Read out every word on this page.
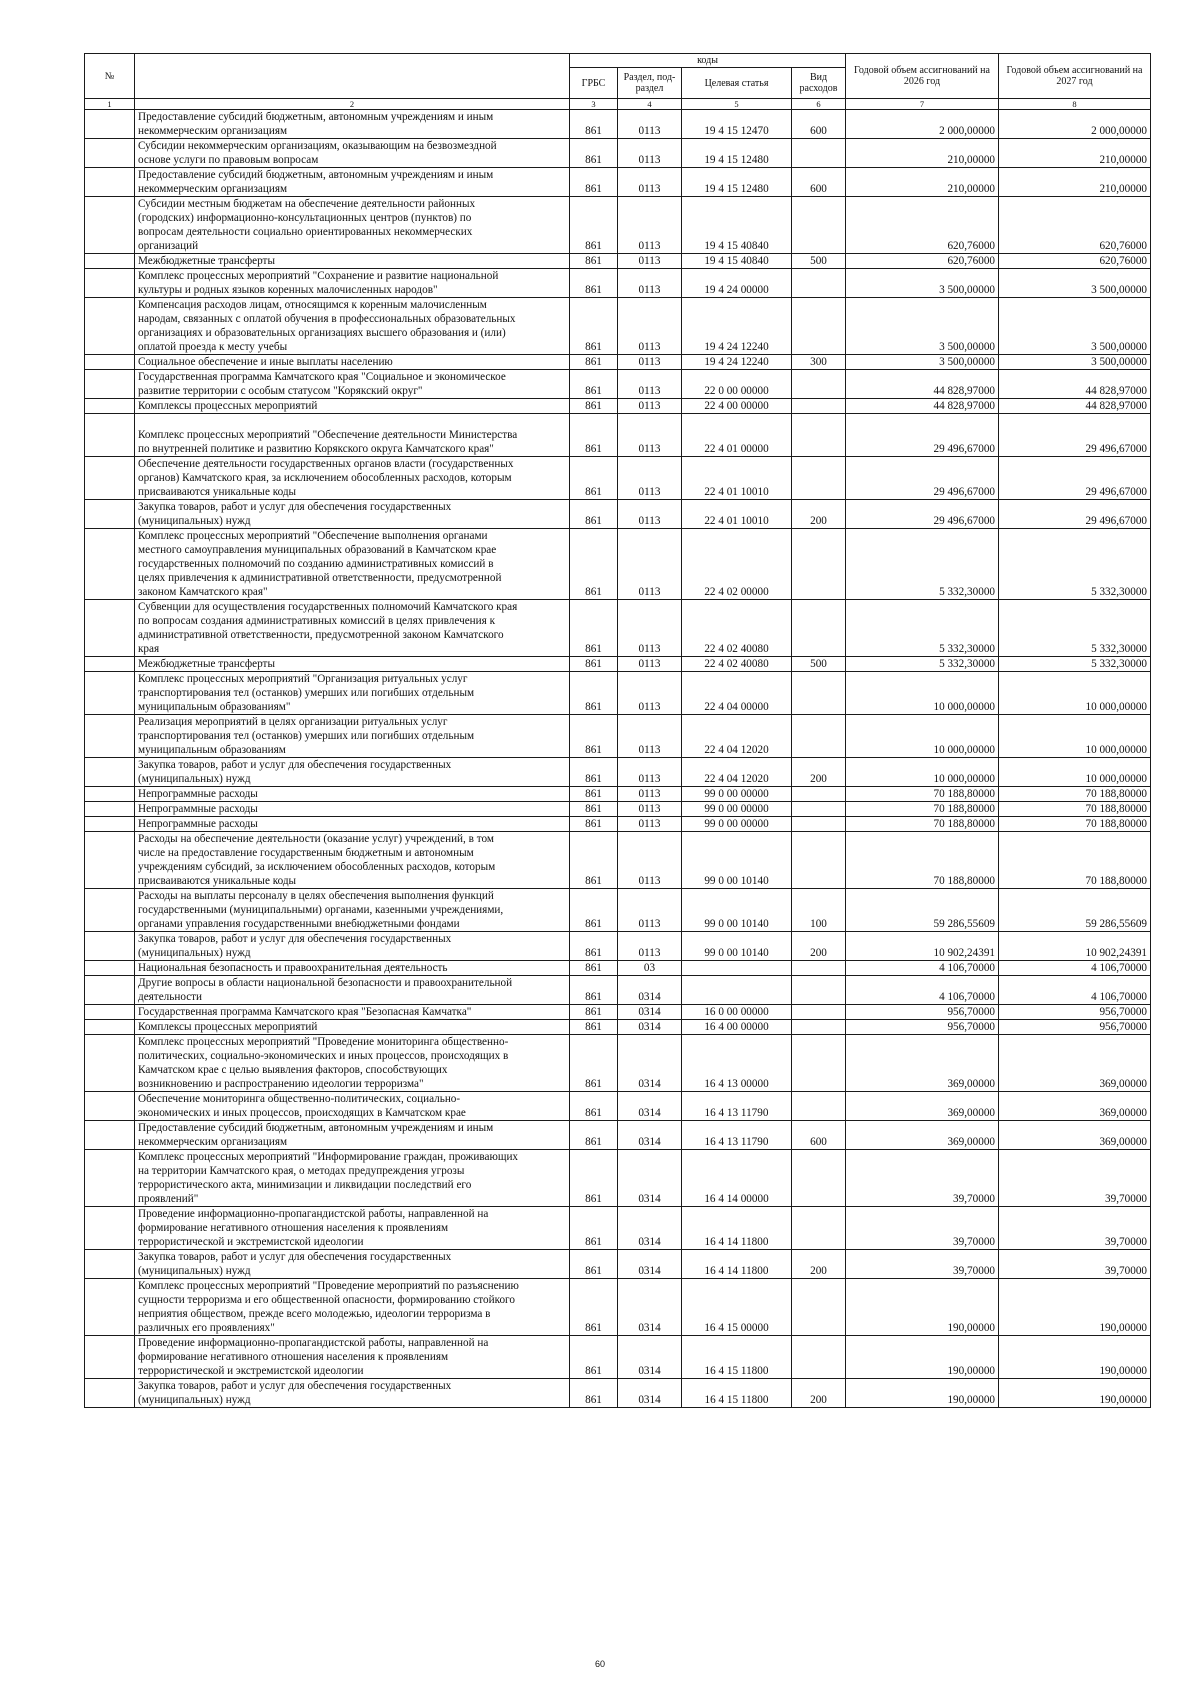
№		коды				Годовой объем ассигнований на 2026 год	Годовой объем ассигнований на 2027 год
		ГРБС	Раздел, под-раздел	Целевая статья	Вид расходов		
1	2	3	4	5	6	7	8
	Предоставление субсидий бюджетным, автономным учреждениям и иным
некоммерческим организациям	861	0113	19 4 15 12470	600	2 000,00000	2 000,00000
	Субсидии некоммерческим организациям, оказывающим на безвозмездной
основе услуги по правовым вопросам	861	0113	19 4 15 12480		210,00000	210,00000
	Предоставление субсидий бюджетным, автономным учреждениям и иным
некоммерческим организациям	861	0113	19 4 15 12480	600	210,00000	210,00000
	Субсидии местным бюджетам на обеспечение деятельности районных
(городских) информационно-консультационных центров (пунктов) по
вопросам деятельности социально ориентированных некоммерческих
организаций	861	0113	19 4 15 40840		620,76000	620,76000
	Межбюджетные трансферты	861	0113	19 4 15 40840	500	620,76000	620,76000
	Комплекс процессных мероприятий "Сохранение и развитие национальной
культуры и родных языков коренных малочисленных народов"	861	0113	19 4 24 00000		3 500,00000	3 500,00000
	Компенсация расходов лицам, относящимся к коренным малочисленным
народам, связанных с оплатой обучения в профессиональных образовательных
организациях и образовательных организациях высшего образования и (или)
оплатой проезда к месту учебы	861	0113	19 4 24 12240		3 500,00000	3 500,00000
	Социальное обеспечение и иные выплаты населению	861	0113	19 4 24 12240	300	3 500,00000	3 500,00000
	Государственная программа Камчатского края "Социальное и экономическое
развитие территории с особым статусом "Корякский округ"	861	0113	22 0 00 00000		44 828,97000	44 828,97000
	Комплексы процессных мероприятий	861	0113	22 4 00 00000		44 828,97000	44 828,97000

Комплекс процессных мероприятий "Обеспечение деятельности Министерства
по внутренней политике и развитию Корякского округа Камчатского края"	861	0113	22 4 01 00000		29 496,67000	29 496,67000
	Обеспечение деятельности государственных органов власти (государственных
органов) Камчатского края, за исключением обособленных расходов, которым
присваиваются уникальные коды	861	0113	22 4 01 10010		29 496,67000	29 496,67000
	Закупка товаров, работ и услуг для обеспечения государственных
(муниципальных) нужд	861	0113	22 4 01 10010	200	29 496,67000	29 496,67000
	Комплекс процессных мероприятий "Обеспечение выполнения органами
местного самоуправления муниципальных образований в Камчатском крае
государственных полномочий по созданию административных комиссий в
целях привлечения к административной ответственности, предусмотренной
законом Камчатского края"	861	0113	22 4 02 00000		5 332,30000	5 332,30000
	Субвенции для осуществления государственных полномочий Камчатского края
по вопросам создания административных комиссий в целях привлечения к
административной ответственности, предусмотренной законом Камчатского
края	861	0113	22 4 02 40080		5 332,30000	5 332,30000
	Межбюджетные трансферты	861	0113	22 4 02 40080	500	5 332,30000	5 332,30000
	Комплекс процессных мероприятий "Организация ритуальных услуг
транспортирования тел (останков) умерших или погибших отдельным
муниципальным образованиям"	861	0113	22 4 04 00000		10 000,00000	10 000,00000
	Реализация мероприятий в целях организации ритуальных услуг
транспортирования тел (останков) умерших или погибших отдельным
муниципальным образованиям	861	0113	22 4 04 12020		10 000,00000	10 000,00000
	Закупка товаров, работ и услуг для обеспечения государственных
(муниципальных) нужд	861	0113	22 4 04 12020	200	10 000,00000	10 000,00000
	Непрограммные расходы	861	0113	99 0 00 00000		70 188,80000	70 188,80000
	Непрограммные расходы	861	0113	99 0 00 00000		70 188,80000	70 188,80000
	Непрограммные расходы	861	0113	99 0 00 00000		70 188,80000	70 188,80000
	Расходы на обеспечение деятельности (оказание услуг) учреждений, в том
числе на предоставление государственным бюджетным и автономным
учреждениям субсидий, за исключением обособленных расходов, которым
присваиваются уникальные коды	861	0113	99 0 00 10140		70 188,80000	70 188,80000
	Расходы на выплаты персоналу в целях обеспечения выполнения функций
государственными (муниципальными) органами, казенными учреждениями,
органами управления государственными внебюджетными фондами	861	0113	99 0 00 10140	100	59 286,55609	59 286,55609
	Закупка товаров, работ и услуг для обеспечения государственных
(муниципальных) нужд	861	0113	99 0 00 10140	200	10 902,24391	10 902,24391
	Национальная безопасность и правоохранительная деятельность	861	03			4 106,70000	4 106,70000
	Другие вопросы в области национальной безопасности и правоохранительной
деятельности	861	0314			4 106,70000	4 106,70000
	Государственная программа Камчатского края "Безопасная Камчатка"	861	0314	16 0 00 00000		956,70000	956,70000
	Комплексы процессных мероприятий	861	0314	16 4 00 00000		956,70000	956,70000
	Комплекс процессных мероприятий "Проведение мониторинга общественно-
политических, социально-экономических и иных процессов, происходящих в
Камчатском крае с целью выявления факторов, способствующих
возникновению и распространению идеологии терроризма"	861	0314	16 4 13 00000		369,00000	369,00000
	Обеспечение мониторинга общественно-политических, социально-
экономических и иных процессов, происходящих в Камчатском крае	861	0314	16 4 13 11790		369,00000	369,00000
	Предоставление субсидий бюджетным, автономным учреждениям и иным
некоммерческим организациям	861	0314	16 4 13 11790	600	369,00000	369,00000
	Комплекс процессных мероприятий "Информирование граждан, проживающих
на территории Камчатского края, о методах предупреждения угрозы
террористического акта, минимизации и ликвидации последствий его
проявлений"	861	0314	16 4 14 00000		39,70000	39,70000
	Проведение информационно-пропагандистской работы, направленной на
формирование негативного отношения населения к проявлениям
террористической и экстремистской идеологии	861	0314	16 4 14 11800		39,70000	39,70000
	Закупка товаров, работ и услуг для обеспечения государственных
(муниципальных) нужд	861	0314	16 4 14 11800	200	39,70000	39,70000
	Комплекс процессных мероприятий "Проведение мероприятий по разъяснению
сущности терроризма и его общественной опасности, формированию стойкого
неприятия обществом, прежде всего молодежью, идеологии терроризма в
различных его проявлениях"	861	0314	16 4 15 00000		190,00000	190,00000
	Проведение информационно-пропагандистской работы, направленной на
формирование негативного отношения населения к проявлениям
террористической и экстремистской идеологии	861	0314	16 4 15 11800		190,00000	190,00000
	Закупка товаров, работ и услуг для обеспечения государственных
(муниципальных) нужд	861	0314	16 4 15 11800	200	190,00000	190,00000
60
